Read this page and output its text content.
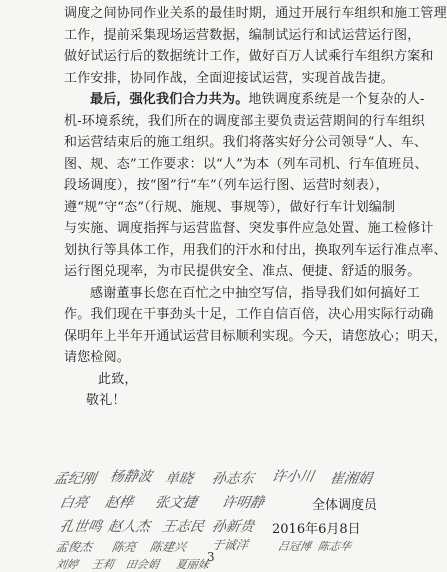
调度之间协同作业关系的最佳时期，通过开展行车组织和施工管理
工作，提前采集现场运营数据，编制试运行和试运营运行图，
做好试运行后的数据统计工作，做好百万人试乘行车组织方案和
工作安排，协同作战，全面迎接试运营，实现首战告捷。
最后，强化我们合力共为。地铁调度系统是一个复杂的人-
机-环境系统，我们所在的调度部主要负责运营期间的行车组织
和运营结束后的施工组织。我们将落实好分公司领导“人、车、
图、规、态”工作要求：以“人”为本（列车司机、行车值班员、
段场调度），按“图”行“车”（列车运行图、运营时刻表），
遵“规”守“态”（行规、施规、事规等），做好行车计划编制
与实施、调度指挥与运营监督、突发事件应急处置、施工检修计
划执行等具体工作，用我们的汗水和付出，换取列车运行准点率、
运行图兑现率，为市民提供安全、准点、便捷、舒适的服务。
感谢董事长您在百忙之中抽空写信，指导我们如何搞好工
作。我们现在干事劲头十足，工作自信百倍，决心用实际行动确
保明年上半年开通试运营目标顺利实现。今天，请您放心；明天，
请您检阅。
此致，
敬礼！
孟纪刚 杨静波 单晓 孙志东 许小川 崔湘娟
白亮 赵桦 张文捷 许明静	全体调度员
孔世鸣 赵人杰 王志民 孙新贵 2016年6月8日
孟俊杰 陈亮 陈建兴 于诚洋	吕冠博 陈志华
刘婷 王莉 田会娟 夏丽妹
3
